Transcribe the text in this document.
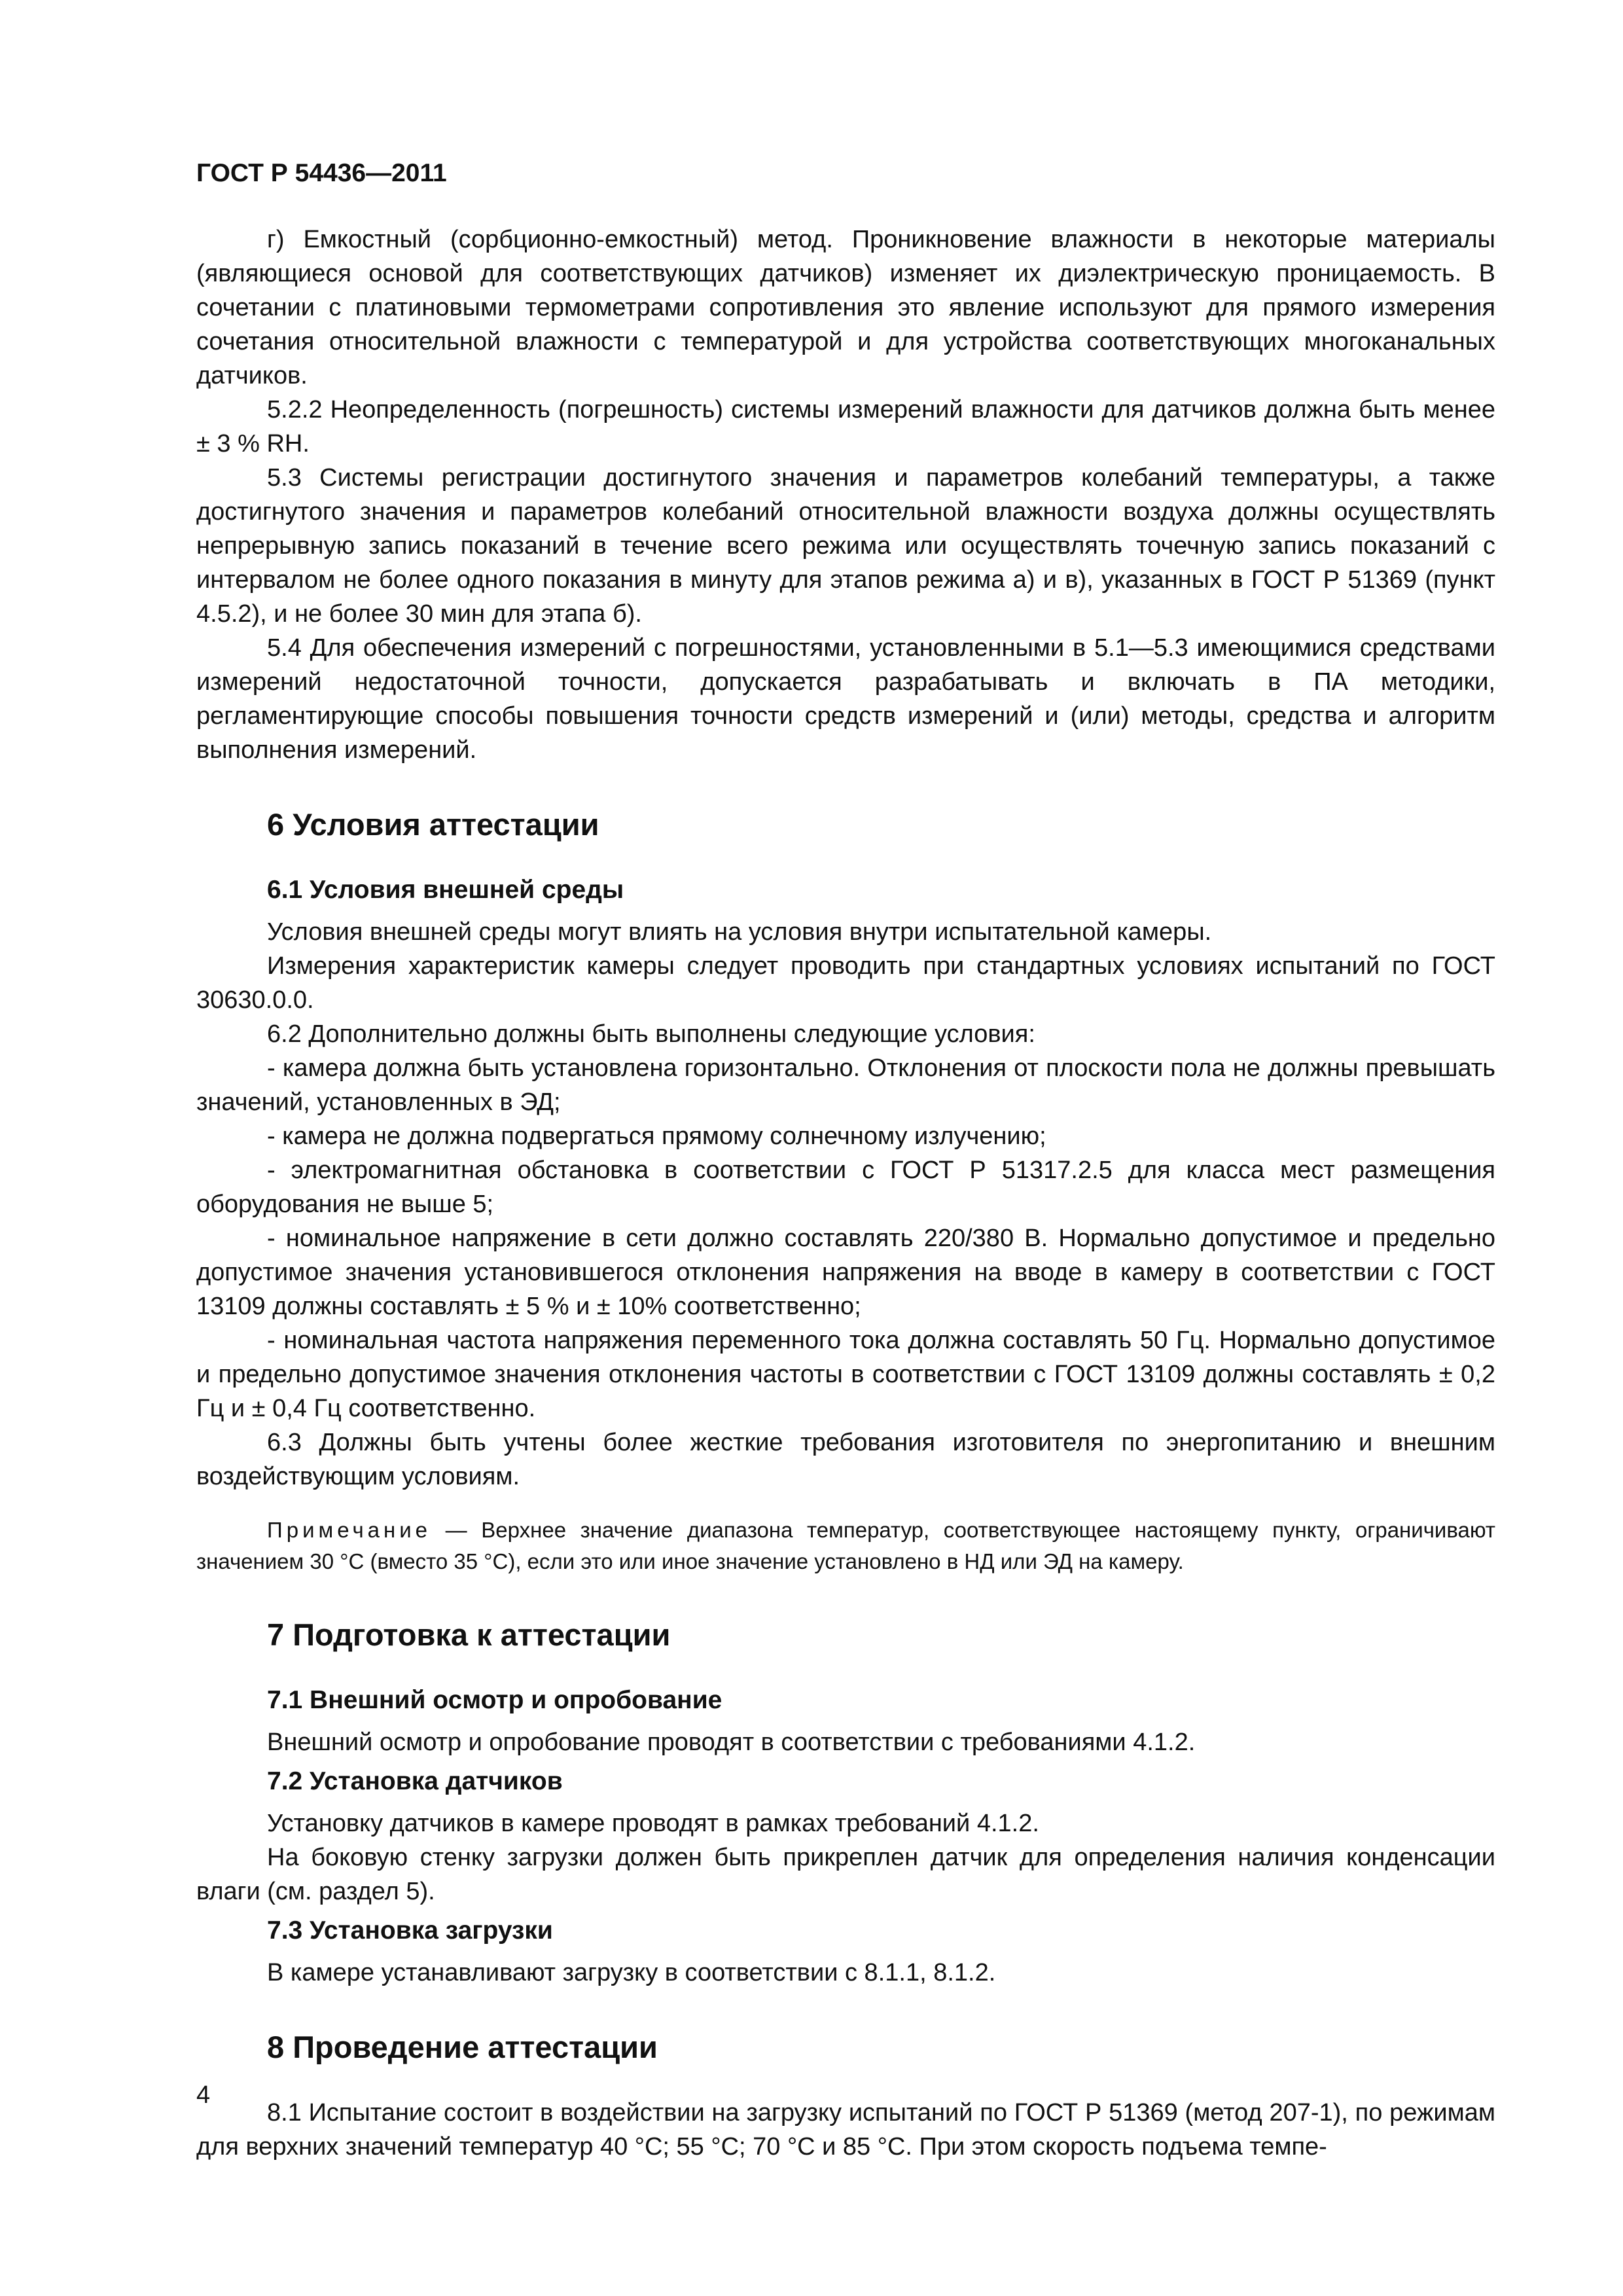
ГОСТ Р 54436—2011

г) Емкостный (сорбционно-емкостный) метод. Проникновение влажности в некоторые материалы (являющиеся основой для соответствующих датчиков) изменяет их диэлектрическую проницаемость. В сочетании с платиновыми термометрами сопротивления это явление используют для прямого измерения сочетания относительной влажности с температурой и для устройства соответствующих многоканальных датчиков.

5.2.2 Неопределенность (погрешность) системы измерений влажности для датчиков должна быть менее ± 3 % RH.

5.3 Системы регистрации достигнутого значения и параметров колебаний температуры, а также достигнутого значения и параметров колебаний относительной влажности воздуха должны осуществлять непрерывную запись показаний в течение всего режима или осуществлять точечную запись показаний с интервалом не более одного показания в минуту для этапов режима а) и в), указанных в ГОСТ Р 51369 (пункт 4.5.2), и не более 30 мин для этапа б).

5.4 Для обеспечения измерений с погрешностями, установленными в 5.1—5.3 имеющимися средствами измерений недостаточной точности, допускается разрабатывать и включать в ПА методики, регламентирующие способы повышения точности средств измерений и (или) методы, средства и алгоритм выполнения измерений.

6 Условия аттестации
6.1 Условия внешней среды

Условия внешней среды могут влиять на условия внутри испытательной камеры.

Измерения характеристик камеры следует проводить при стандартных условиях испытаний по ГОСТ 30630.0.0.

6.2 Дополнительно должны быть выполнены следующие условия:

- камера должна быть установлена горизонтально. Отклонения от плоскости пола не должны превышать значений, установленных в ЭД;

- камера не должна подвергаться прямому солнечному излучению;

- электромагнитная обстановка в соответствии с ГОСТ Р 51317.2.5 для класса мест размещения оборудования не выше 5;

- номинальное напряжение в сети должно составлять 220/380 В. Нормально допустимое и предельно допустимое значения установившегося отклонения напряжения на вводе в камеру в соответствии с ГОСТ 13109 должны составлять ± 5 % и ± 10% соответственно;

- номинальная частота напряжения переменного тока должна составлять 50 Гц. Нормально допустимое и предельно допустимое значения отклонения частоты в соответствии с ГОСТ 13109 должны составлять ± 0,2 Гц и ± 0,4 Гц соответственно.

6.3 Должны быть учтены более жесткие требования изготовителя по энергопитанию и внешним воздействующим условиям.

Примечание — Верхнее значение диапазона температур, соответствующее настоящему пункту, ограничивают значением 30 °С (вместо 35 °С), если это или иное значение установлено в НД или ЭД на камеру.

7 Подготовка к аттестации
7.1 Внешний осмотр и опробование

Внешний осмотр и опробование проводят в соответствии с требованиями 4.1.2.

7.2 Установка датчиков

Установку датчиков в камере проводят в рамках требований 4.1.2.

На боковую стенку загрузки должен быть прикреплен датчик для определения наличия конденсации влаги (см. раздел 5).

7.3 Установка загрузки

В камере устанавливают загрузку в соответствии с 8.1.1, 8.1.2.

8 Проведение аттестации

8.1 Испытание состоит в воздействии на загрузку испытаний по ГОСТ Р 51369 (метод 207-1), по режимам для верхних значений температур 40 °С; 55 °С; 70 °С и 85 °С. При этом скорость подъема темпе-

4
